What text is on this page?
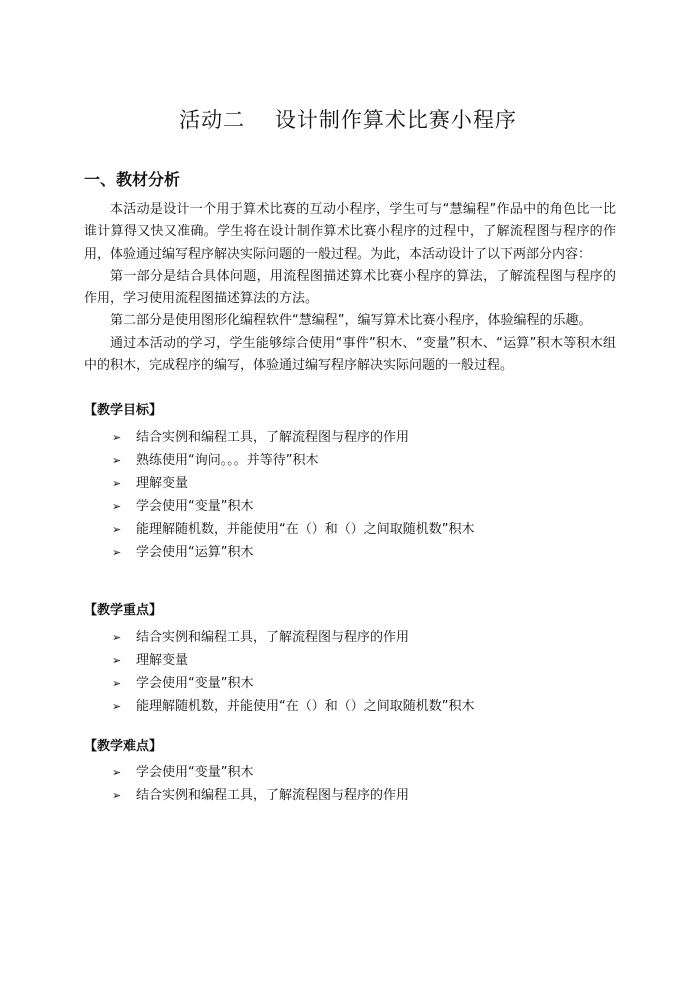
活动二　 设计制作算术比赛小程序
一、教材分析

本活动是设计一个用于算术比赛的互动小程序，学生可与“慧编程”作品中的角色比一比谁计算得又快又准确。学生将在设计制作算术比赛小程序的过程中，了解流程图与程序的作用，体验通过编写程序解决实际问题的一般过程。为此，本活动设计了以下两部分内容：

第一部分是结合具体问题，用流程图描述算术比赛小程序的算法，了解流程图与程序的作用，学习使用流程图描述算法的方法。

第二部分是使用图形化编程软件“慧编程”，编写算术比赛小程序，体验编程的乐趣。

通过本活动的学习，学生能够综合使用“事件”积木、“变量”积木、“运算”积木等积木组中的积木，完成程序的编写，体验通过编写程序解决实际问题的一般过程。

【教学目标】
➢ 结合实例和编程工具，了解流程图与程序的作用
➢ 熟练使用“询问。。。并等待”积木
➢ 理解变量
➢ 学会使用“变量”积木
➢ 能理解随机数，并能使用“在（）和（）之间取随机数”积木
➢ 学会使用“运算”积木
【教学重点】
➢ 结合实例和编程工具，了解流程图与程序的作用
➢ 理解变量
➢ 学会使用“变量”积木
➢ 能理解随机数，并能使用“在（）和（）之间取随机数”积木
【教学难点】
➢ 学会使用“变量”积木
➢ 结合实例和编程工具，了解流程图与程序的作用
